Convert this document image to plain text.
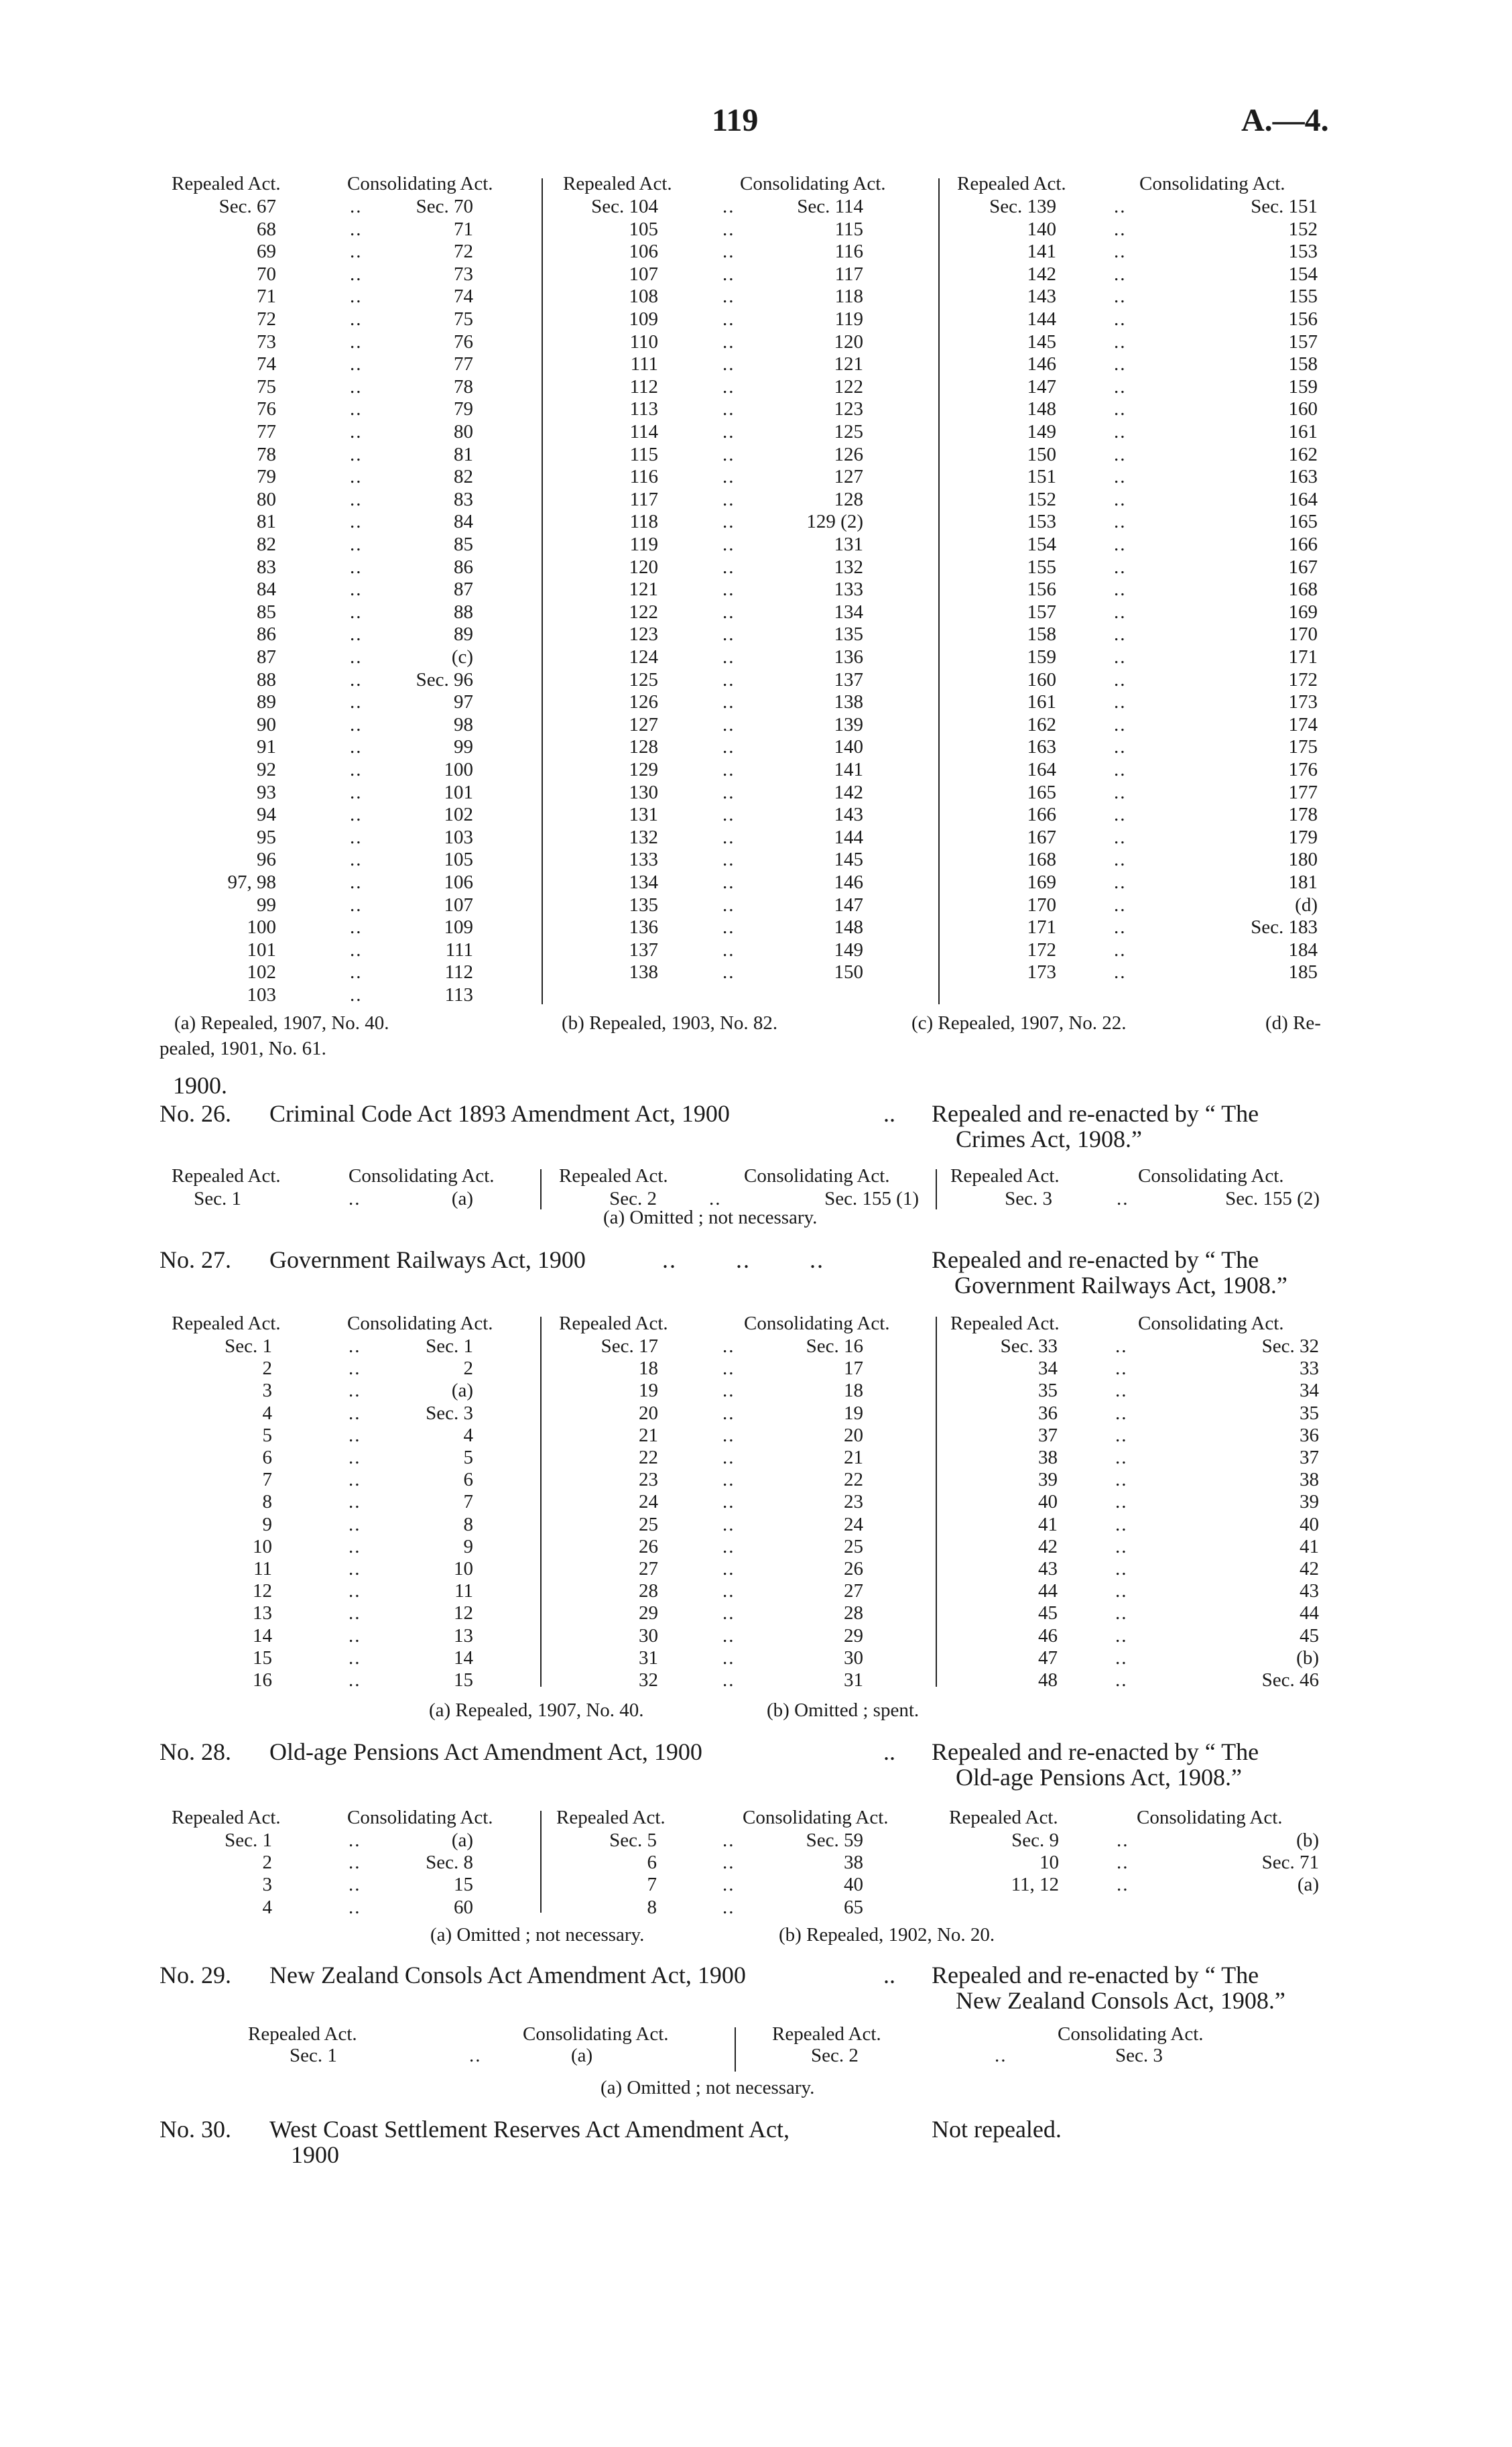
119	A.—4.
Repealed Act.	Consolidating Act.	Repealed Act.	Consolidating Act.	Repealed Act.	Consolidating Act.
Sec. 67	..	Sec. 70
68	..	71
69	..	72
70	..	73
71	..	74
72	..	75
73	..	76
74	..	77
75	..	78
76	..	79
77	..	80
78	..	81
79	..	82
80	..	83
81	..	84
82	..	85
83	..	86
84	..	87
85	..	88
86	..	89
87	..	(c)
88	..	Sec. 96
89	..	97
90	..	98
91	..	99
92	..	100
93	..	101
94	..	102
95	..	103
96	..	105
97, 98	..	106
99	..	107
100	..	109
101	..	111
102	..	112
103	..	113
Sec. 104	..	Sec. 114
105	..	115
106	..	116
107	..	117
108	..	118
109	..	119
110	..	120
111	..	121
112	..	122
113	..	123
114	..	125
115	..	126
116	..	127
117	..	128
118	..	129 (2)
119	..	131
120	..	132
121	..	133
122	..	134
123	..	135
124	..	136
125	..	137
126	..	138
127	..	139
128	..	140
129	..	141
130	..	142
131	..	143
132	..	144
133	..	145
134	..	146
135	..	147
136	..	148
137	..	149
138	..	150
Sec. 139	..	Sec. 151
140	..	152
141	..	153
142	..	154
143	..	155
144	..	156
145	..	157
146	..	158
147	..	159
148	..	160
149	..	161
150	..	162
151	..	163
152	..	164
153	..	165
154	..	166
155	..	167
156	..	168
157	..	169
158	..	170
159	..	171
160	..	172
161	..	173
162	..	174
163	..	175
164	..	176
165	..	177
166	..	178
167	..	179
168	..	180
169	..	181
170	..	(d)
171	..	Sec. 183
172	..	184
173	..	185
(a) Repealed, 1907, No. 40.	(b) Repealed, 1903, No. 82.	(c) Repealed, 1907, No. 22.	(d) Re-
pealed, 1901, No. 61.
1900.
No. 26. Criminal Code Act 1893 Amendment Act, 1900	.. Repealed and re-enacted by “ The
Crimes Act, 1908.”
Repealed Act.	Consolidating Act.	Repealed Act.	Consolidating Act.	Repealed Act.	Consolidating Act.
Sec. 1	..	(a)	Sec. 2	..	Sec. 155 (1)	Sec. 3	..	Sec. 155 (2)
(a) Omitted ; not necessary.
No. 27. Government Railways Act, 1900	..        ..        ..	Repealed and re-enacted by “ The
Government Railways Act, 1908.”
Repealed Act.	Consolidating Act.	Repealed Act.	Consolidating Act.	Repealed Act.	Consolidating Act.
Sec. 1	..	Sec. 1
2	..	2
3	..	(a)
4	..	Sec. 3
5	..	4
6	..	5
7	..	6
8	..	7
9	..	8
10	..	9
11	..	10
12	..	11
13	..	12
14	..	13
15	..	14
16	..	15
Sec. 17	..	Sec. 16
18	..	17
19	..	18
20	..	19
21	..	20
22	..	21
23	..	22
24	..	23
25	..	24
26	..	25
27	..	26
28	..	27
29	..	28
30	..	29
31	..	30
32	..	31
Sec. 33	..	Sec. 32
34	..	33
35	..	34
36	..	35
37	..	36
38	..	37
39	..	38
40	..	39
41	..	40
42	..	41
43	..	42
44	..	43
45	..	44
46	..	45
47	..	(b)
48	..	Sec. 46
(a) Repealed, 1907, No. 40.	(b) Omitted ; spent.
No. 28. Old-age Pensions Act Amendment Act, 1900	.. Repealed and re-enacted by “ The
Old-age Pensions Act, 1908.”
Repealed Act.	Consolidating Act.	Repealed Act.	Consolidating Act.	Repealed Act.	Consolidating Act.
Sec. 1	..	(a)
2	..	Sec. 8
3	..	15
4	..	60
Sec. 5	..	Sec. 59
6	..	38
7	..	40
8	..	65
Sec. 9	..	(b)
10	..	Sec. 71
11, 12	..	(a)
(a) Omitted ; not necessary.	(b) Repealed, 1902, No. 20.
No. 29. New Zealand Consols Act Amendment Act, 1900	.. Repealed and re-enacted by “ The
New Zealand Consols Act, 1908.”
Repealed Act.	Consolidating Act.	Repealed Act.	Consolidating Act.
Sec. 1	..	(a)	Sec. 2	..	Sec. 3
(a) Omitted ; not necessary.
No. 30. West Coast Settlement Reserves Act Amendment Act,
1900
Not repealed.
